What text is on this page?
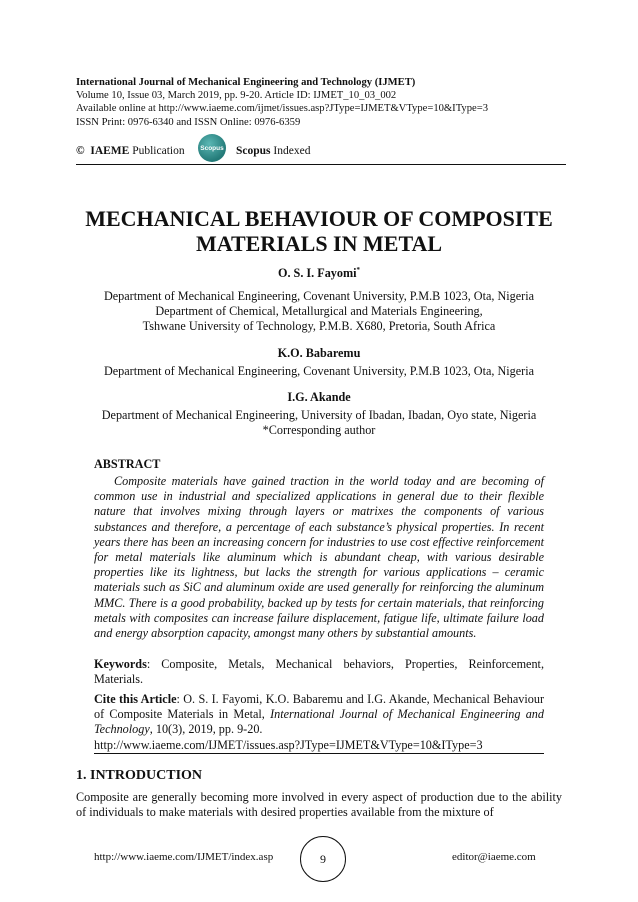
International Journal of Mechanical Engineering and Technology (IJMET)
Volume 10, Issue 03, March 2019, pp. 9-20. Article ID: IJMET_10_03_002
Available online at http://www.iaeme.com/ijmet/issues.asp?JType=IJMET&VType=10&IType=3
ISSN Print: 0976-6340 and ISSN Online: 0976-6359
© IAEME Publication	Scopus Scopus Indexed
MECHANICAL BEHAVIOUR OF COMPOSITE
MATERIALS IN METAL
O. S. I. Fayomi*
Department of Mechanical Engineering, Covenant University, P.M.B 1023, Ota, Nigeria
Department of Chemical, Metallurgical and Materials Engineering,
Tshwane University of Technology, P.M.B. X680, Pretoria, South Africa
K.O. Babaremu
Department of Mechanical Engineering, Covenant University, P.M.B 1023, Ota, Nigeria
I.G. Akande
Department of Mechanical Engineering, University of Ibadan, Ibadan, Oyo state, Nigeria
*Corresponding author
ABSTRACT
Composite materials have gained traction in the world today and are becoming of common use in industrial and specialized applications in general due to their flexible nature that involves mixing through layers or matrixes the components of various substances and therefore, a percentage of each substance’s physical properties. In recent years there has been an increasing concern for industries to use cost effective reinforcement for metal materials like aluminum which is abundant cheap, with various desirable properties like its lightness, but lacks the strength for various applications – ceramic materials such as SiC and aluminum oxide are used generally for reinforcing the aluminum MMC. There is a good probability, backed up by tests for certain materials, that reinforcing metals with composites can increase failure displacement, fatigue life, ultimate failure load and energy absorption capacity, amongst many others by substantial amounts.
Keywords: Composite, Metals, Mechanical behaviors, Properties, Reinforcement, Materials.
Cite this Article: O. S. I. Fayomi, K.O. Babaremu and I.G. Akande, Mechanical Behaviour of Composite Materials in Metal, International Journal of Mechanical Engineering and Technology, 10(3), 2019, pp. 9-20.
http://www.iaeme.com/IJMET/issues.asp?JType=IJMET&VType=10&IType=3
1. INTRODUCTION
Composite are generally becoming more involved in every aspect of production due to the ability of individuals to make materials with desired properties available from the mixture of
http://www.iaeme.com/IJMET/index.asp	9	editor@iaeme.com
